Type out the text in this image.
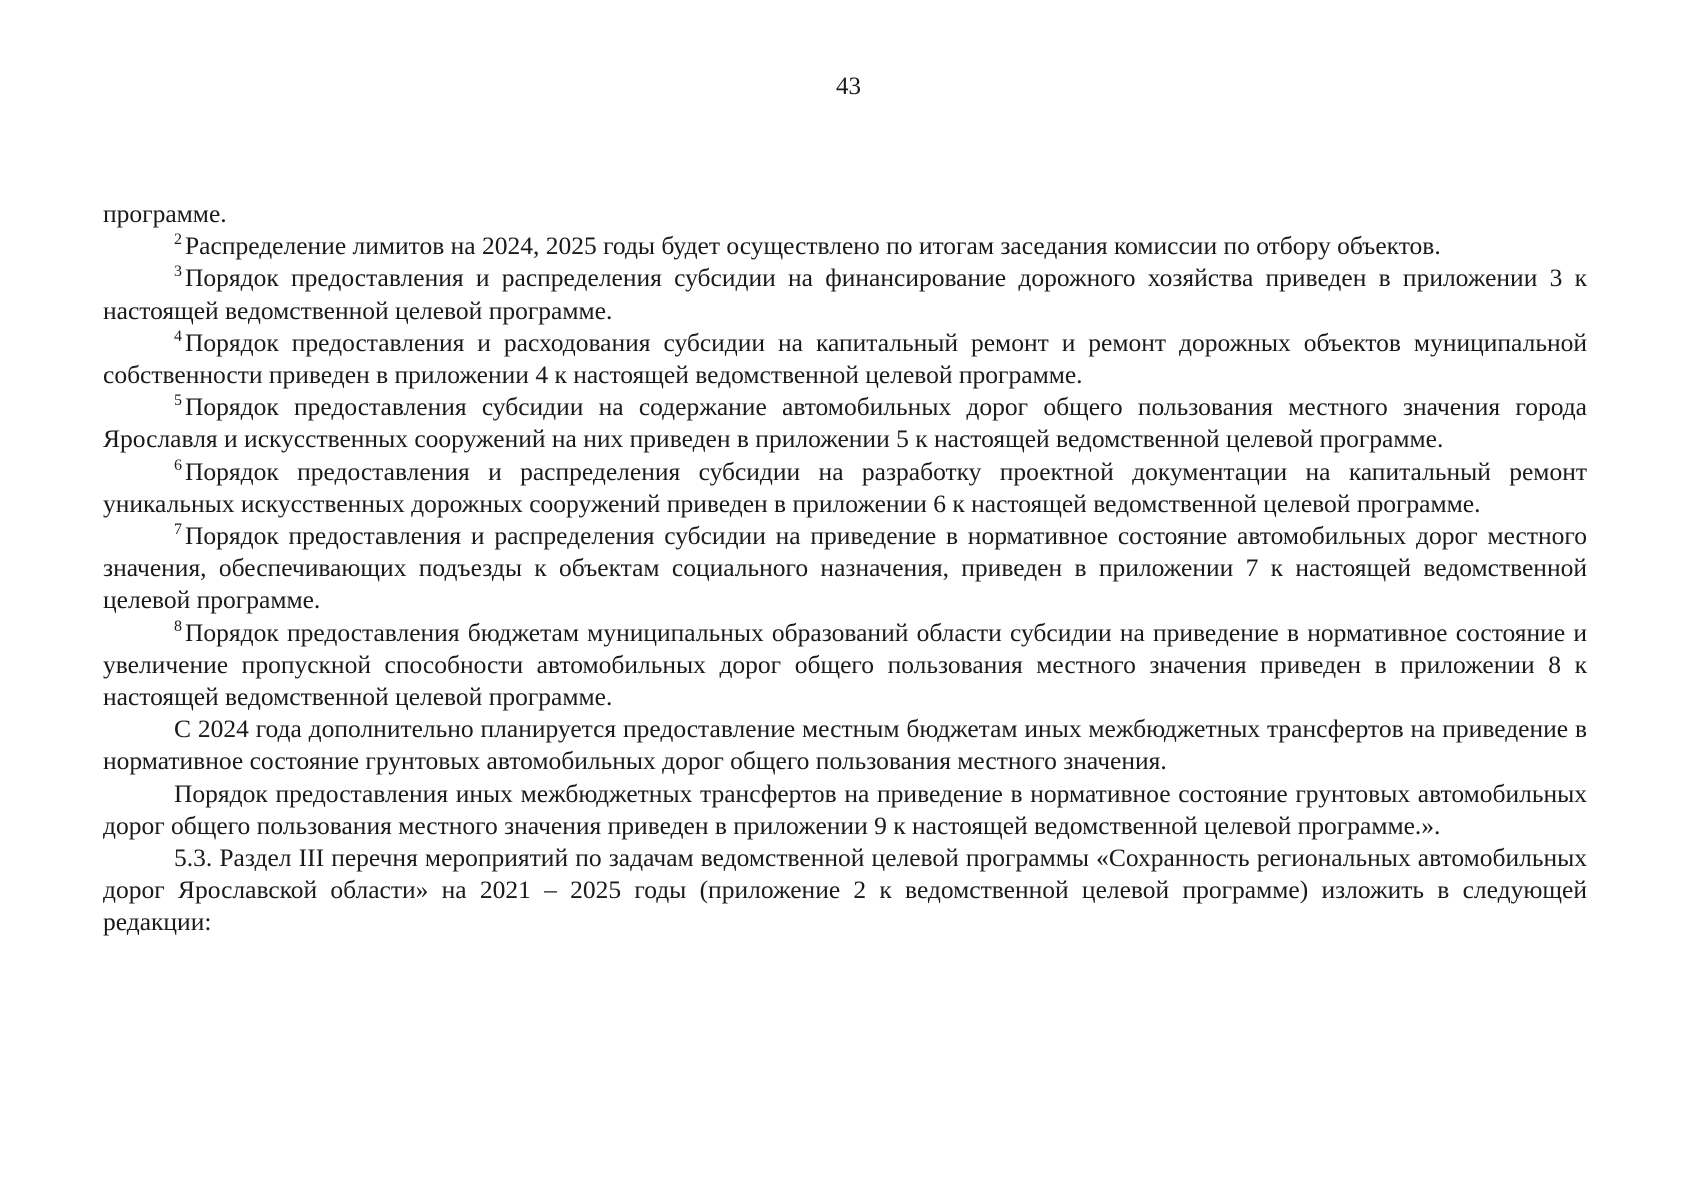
43

программе.

$^2$ Распределение лимитов на 2024, 2025 годы будет осуществлено по итогам заседания комиссии по отбору объектов.

$^3$ Порядок предоставления и распределения субсидии на финансирование дорожного хозяйства приведен в приложении 3 к настоящей ведомственной целевой программе.

$^4$ Порядок предоставления и расходования субсидии на капитальный ремонт и ремонт дорожных объектов муниципальной собственности приведен в приложении 4 к настоящей ведомственной целевой программе.

$^5$ Порядок предоставления субсидии на содержание автомобильных дорог общего пользования местного значения города Ярославля и искусственных сооружений на них приведен в приложении 5 к настоящей ведомственной целевой программе.

$^6$ Порядок предоставления и распределения субсидии на разработку проектной документации на капитальный ремонт уникальных искусственных дорожных сооружений приведен в приложении 6 к настоящей ведомственной целевой программе.

$^7$ Порядок предоставления и распределения субсидии на приведение в нормативное состояние автомобильных дорог местного значения, обеспечивающих подъезды к объектам социального назначения, приведен в приложении 7 к настоящей ведомственной целевой программе.

$^8$ Порядок предоставления бюджетам муниципальных образований области субсидии на приведение в нормативное состояние и увеличение пропускной способности автомобильных дорог общего пользования местного значения приведен в приложении 8 к настоящей ведомственной целевой программе.

С 2024 года дополнительно планируется предоставление местным бюджетам иных межбюджетных трансфертов на приведение в нормативное состояние грунтовых автомобильных дорог общего пользования местного значения.

Порядок предоставления иных межбюджетных трансфертов на приведение в нормативное состояние грунтовых автомобильных дорог общего пользования местного значения приведен в приложении 9 к настоящей ведомственной целевой программе.».

5.3. Раздел III перечня мероприятий по задачам ведомственной целевой программы «Сохранность региональных автомобильных дорог Ярославской области» на 2021 – 2025 годы (приложение 2 к ведомственной целевой программе) изложить в следующей редакции:
